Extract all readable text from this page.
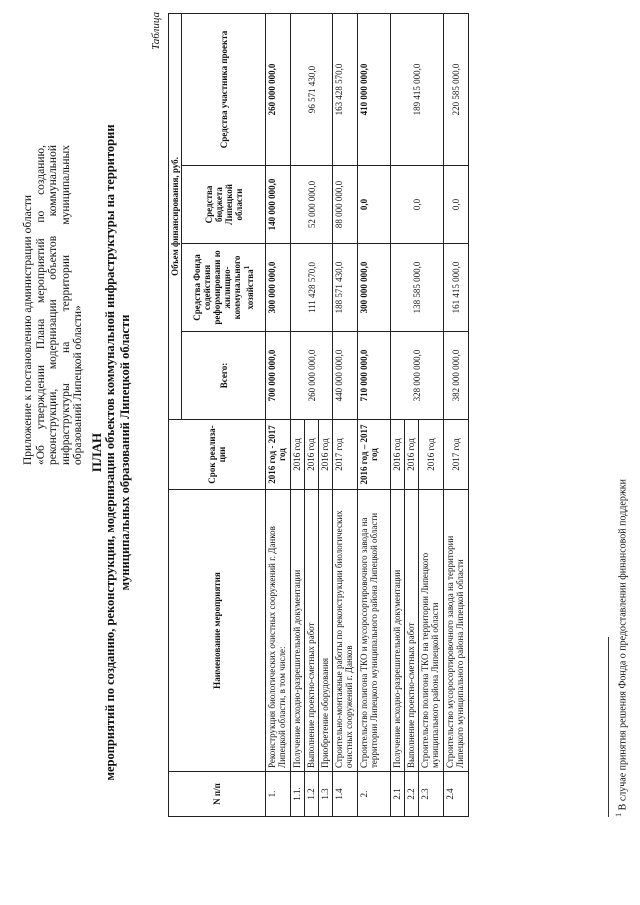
Приложение к постановлению администрации области «Об утверждении Плана мероприятий по созданию, реконструкции, модернизации объектов коммунальной инфраструктуры на территории муниципальных образований Липецкой области» ПЛАН мероприятий по созданию, реконструкции, модернизации объектов коммунальной инфраструктуры на территории муниципальных образований Липецкой области
Таблица
N п/п	Наименование мероприятия	Срок реализа-ции	Объем финансирования, руб.			
			Всего:	Средства Фонда содействия реформировани ю жилищно-коммунального хозяйства$^1$	Средства бюджета Липецкой области	Средства участника проекта
1.	Реконструкция биологических очистных сооружений г. Данков Липецкой области, в том числе:	2016 год - 2017 год	700 000 000,0	300 000 000,0	140 000 000,0	260 000 000,0
1.1.	Получение исходно-разрешительной документации	2016 год	260 000 000,0	111 428 570,0	52 000 000,0	96 571 430,0
1.2	Выполнение проектно-сметных работ	2016 год				
1.3	Приобретение оборудования	2016 год				
1.4	Строительно-монтажные работы по реконструкции биологических очистных сооружений г. Данков	2017 год	440 000 000,0	188 571 430,0	88 000 000,0	163 428 570,0
2.	Строительство полигона ТКО и мусоросортировочного завода на территории Липецкого муниципального района Липецкой области	2016 год – 2017 год	710 000 000,0	300 000 000,0	0,0	410 000 000,0
2.1	Получение исходно-разрешительной документации	2016 год	328 000 000,0	138 585 000,0	0,0	189 415 000,0
2.2	Выполнение проектно-сметных работ	2016 год				
2.3	Строительство полигона ТКО на территории Липецкого муниципального района Липецкой области	2016 год				
2.4	Строительство мусоросортировочного завода на территории Липецкого муниципального района Липецкой области	2017 год	382 000 000,0	161 415 000,0	0,0	220 585 000,0
$^1$ В случае принятия решения Фонда о предоставлении финансовой поддержки
